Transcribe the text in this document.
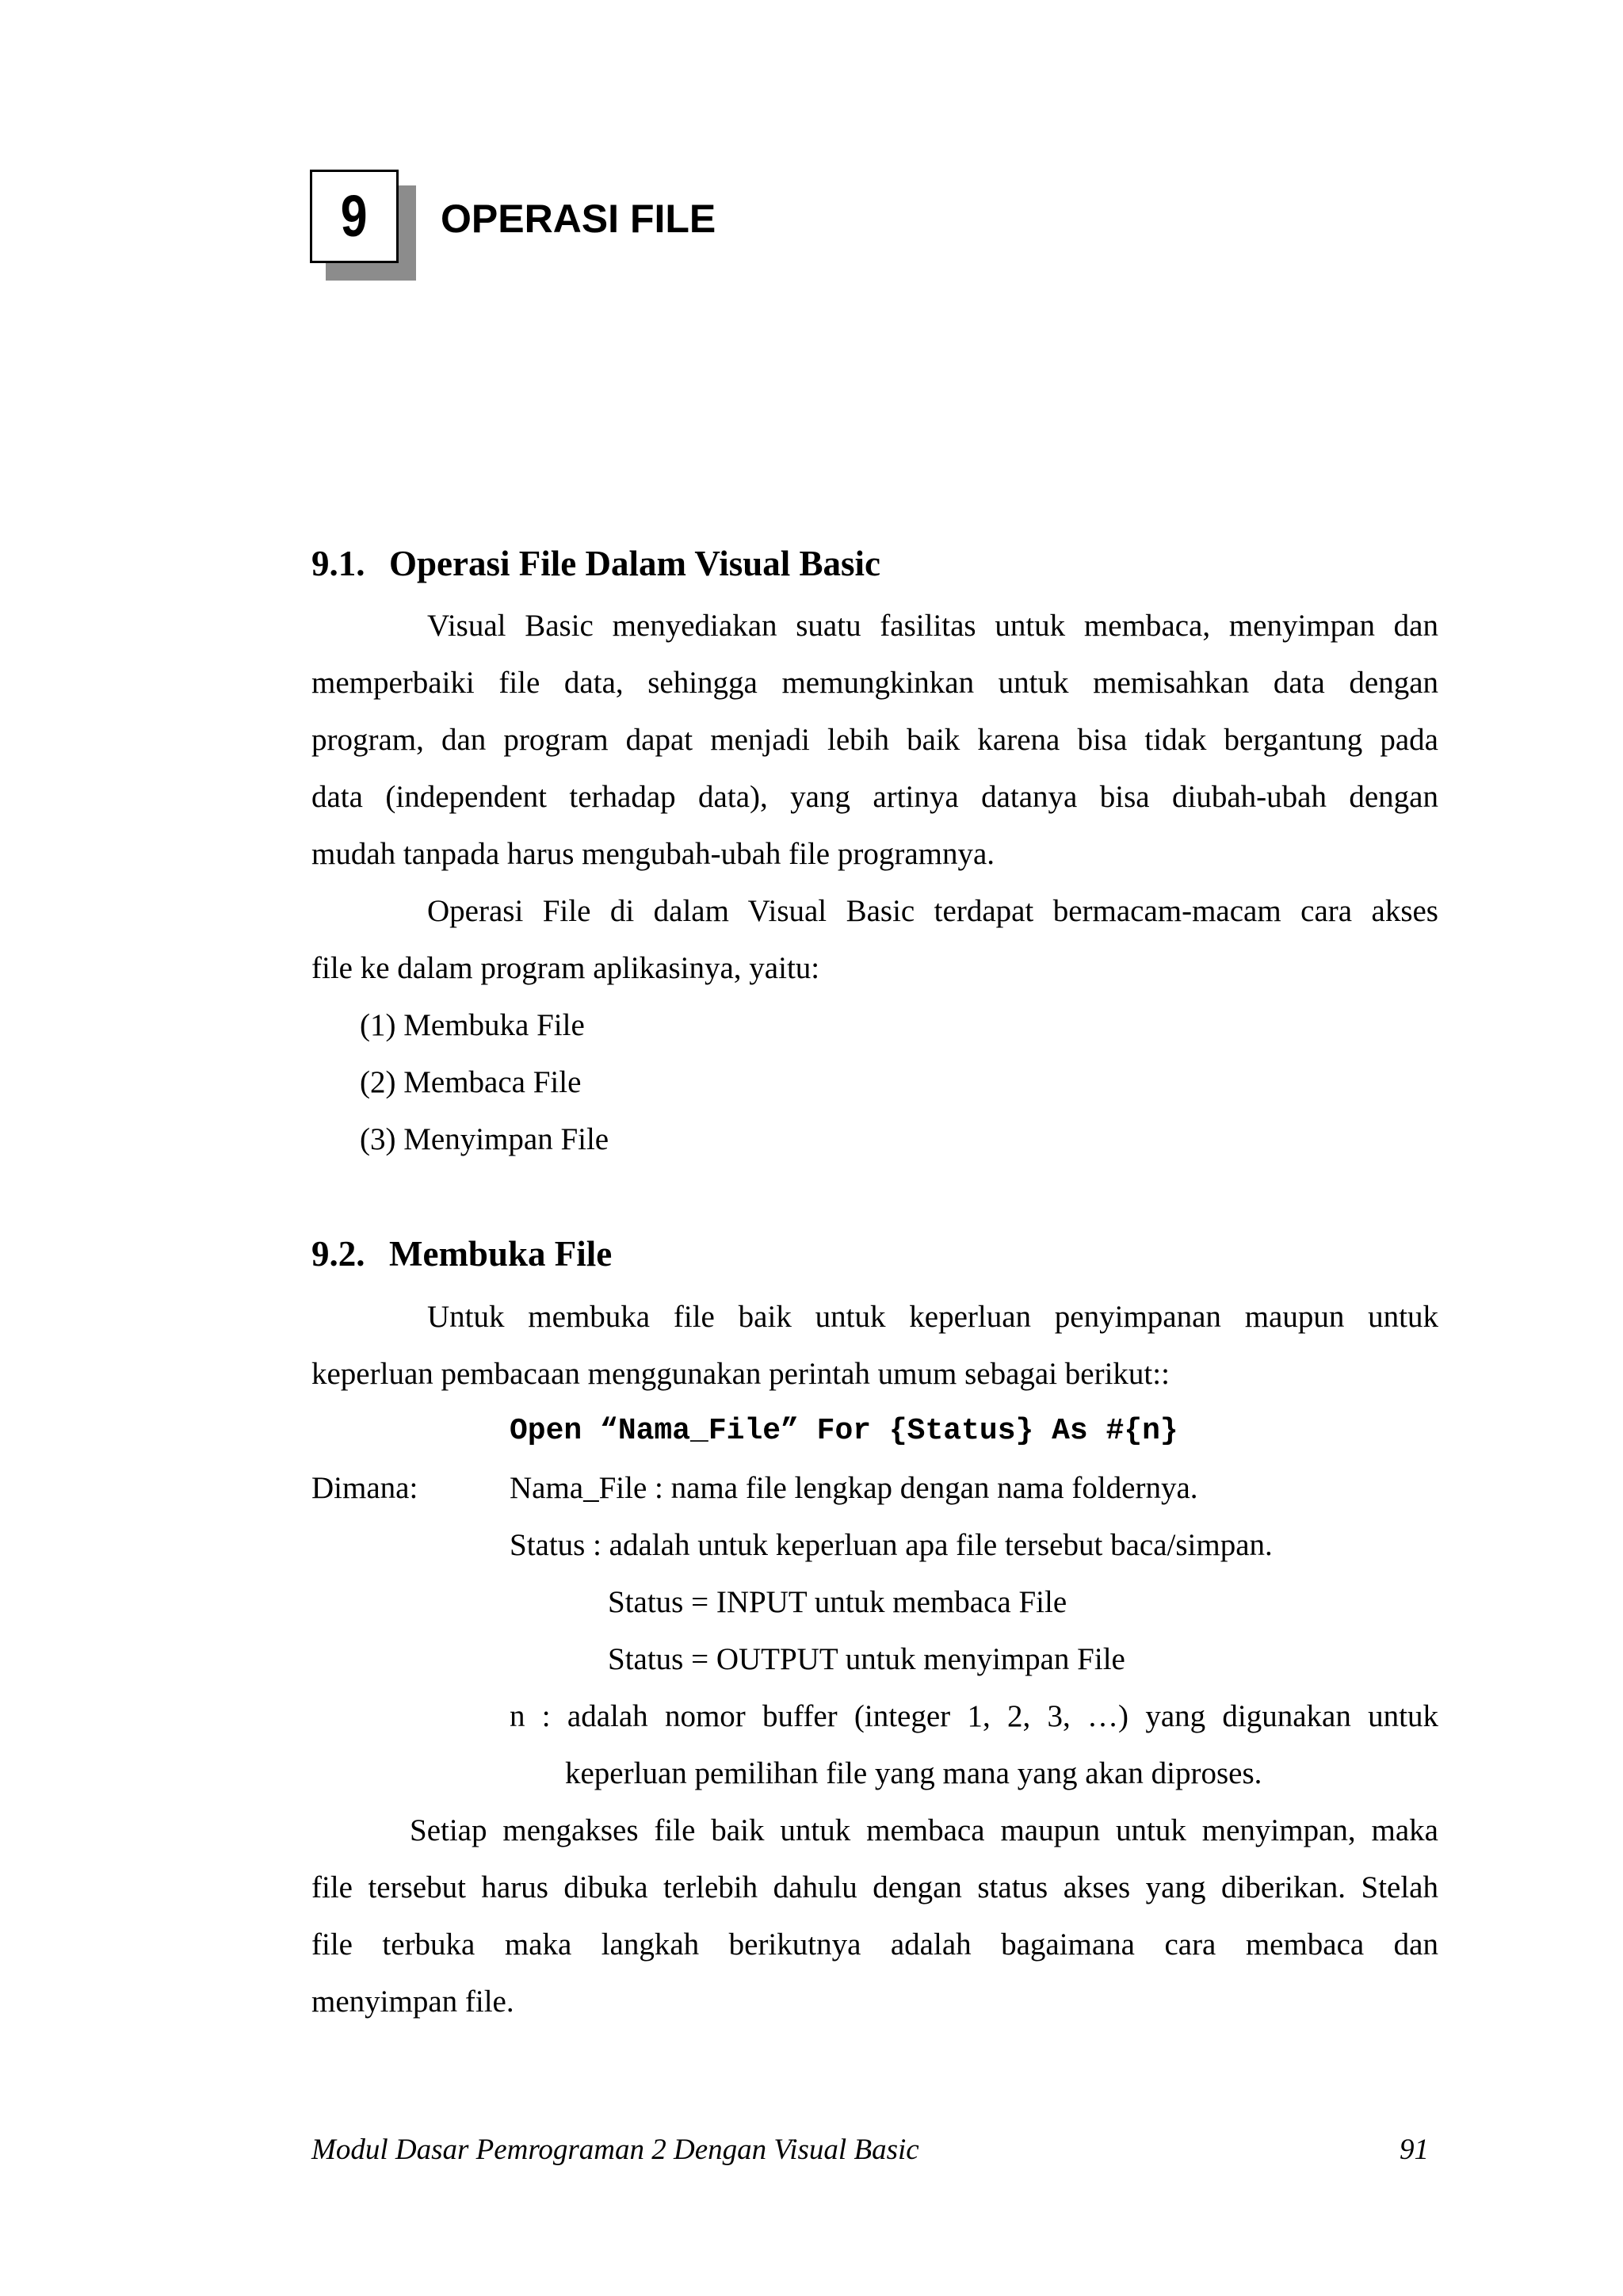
9 OPERASI FILE
9.1. Operasi File Dalam Visual Basic
Visual Basic menyediakan suatu fasilitas untuk membaca, menyimpan dan
memperbaiki file data, sehingga memungkinkan untuk memisahkan data dengan
program, dan program dapat menjadi lebih baik karena bisa tidak bergantung pada
data (independent terhadap data), yang artinya datanya bisa diubah-ubah dengan
mudah tanpada harus mengubah-ubah file programnya.
Operasi File di dalam Visual Basic terdapat bermacam-macam cara akses
file ke dalam program aplikasinya, yaitu:
(1) Membuka File
(2) Membaca File
(3) Menyimpan File
9.2. Membuka File
Untuk membuka file baik untuk keperluan penyimpanan maupun untuk
keperluan pembacaan menggunakan perintah umum sebagai berikut::
Open “Nama_File” For {Status} As #{n}
Dimana:	Nama_File : nama file lengkap dengan nama foldernya.
Status : adalah untuk keperluan apa file tersebut baca/simpan.
Status = INPUT untuk membaca File
Status = OUTPUT untuk menyimpan File
n : adalah nomor buffer (integer 1, 2, 3, …) yang digunakan untuk
keperluan pemilihan file yang mana yang akan diproses.
Setiap mengakses file baik untuk membaca maupun untuk menyimpan, maka
file tersebut harus dibuka terlebih dahulu dengan status akses yang diberikan. Stelah
file terbuka maka langkah berikutnya adalah bagaimana cara membaca dan
menyimpan file.
Modul Dasar Pemrograman 2 Dengan Visual Basic	91
